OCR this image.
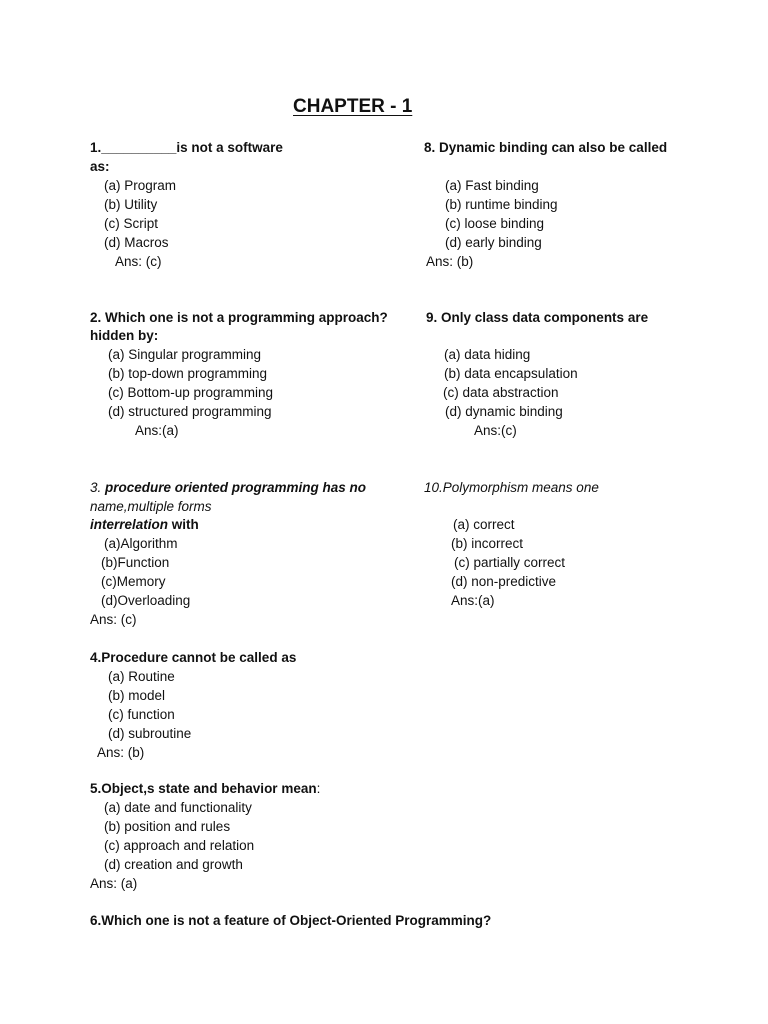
CHAPTER - 1
1.__________is not a software
as:
(a) Program
(b) Utility
(c) Script
(d) Macros
Ans: (c)
2. Which one is not a programming approach?
(a) Singular programming
(b) top-down programming
(c) Bottom-up programming
(d) structured programming
Ans:(a)
3. procedure oriented programming has no
interrelation with
(a)Algorithm
(b)Function
(c)Memory
(d)Overloading
Ans: (c)
4.Procedure cannot be called as
(a) Routine
(b) model
(c) function
(d) subroutine
Ans: (b)
5.Object,s state and behavior mean:
(a) date and functionality
(b) position and rules
(c) approach and relation
(d) creation and growth
Ans: (a)
6.Which one is not a feature of Object-Oriented Programming?
8. Dynamic binding can also be called
(a) Fast binding
(b) runtime binding
(c) loose binding
(d) early binding
Ans: (b)
9. Only class data components are
hidden by:
(a) data hiding
(b) data encapsulation
(c) data abstraction
(d) dynamic binding
Ans:(c)
10.Polymorphism means one
name,multiple forms
(a) correct
(b) incorrect
(c) partially correct
(d) non-predictive
Ans:(a)
